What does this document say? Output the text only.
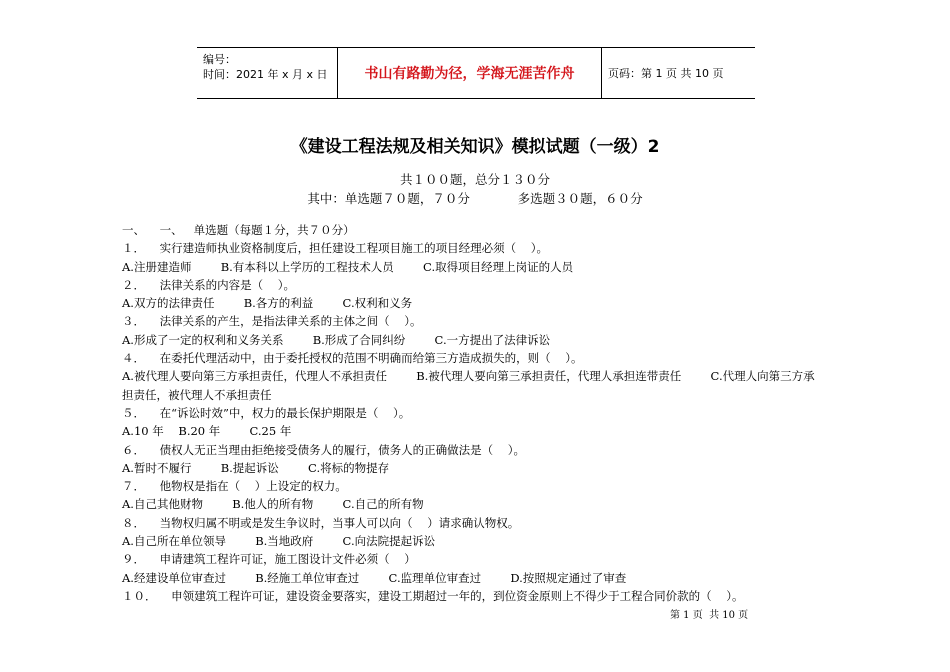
编号：
时间：2021 年 x 月 x 日	书山有路勤为径，学海无涯苦作舟	页码：第 1 页 共 10 页
《建设工程法规及相关知识》模拟试题（一级）2
共１００题，总分１３０分
其中：单选题７０题，７０分            多选题３０题，６０分
一、    一、   单选题（每题１分，共７０分）
１．    实行建造师执业资格制度后，担任建设工程项目施工的项目经理必须（    ）。
A.注册建造师        B.有本科以上学历的工程技术人员        C.取得项目经理上岗证的人员
２．    法律关系的内容是（    ）。
A.双方的法律责任        B.各方的利益        C.权利和义务
３．    法律关系的产生，是指法律关系的主体之间（    ）。
A.形成了一定的权利和义务关系        B.形成了合同纠纷        C.一方提出了法律诉讼
４．    在委托代理活动中，由于委托授权的范围不明确而给第三方造成损失的，则（    ）。
A.被代理人要向第三方承担责任，代理人不承担责任        B.被代理人要向第三承担责任，代理人承担连带责任        C.代理人向第三方承
担责任，被代理人不承担责任
５．    在“诉讼时效”中，权力的最长保护期限是（    ）。
A.10 年    B.20 年        C.25 年
６．    债权人无正当理由拒绝接受债务人的履行，债务人的正确做法是（    ）。
A.暂时不履行        B.提起诉讼        C.将标的物提存
７．    他物权是指在（    ）上设定的权力。
A.自己其他财物        B.他人的所有物        C.自己的所有物
８．    当物权归属不明或是发生争议时，当事人可以向（    ）请求确认物权。
A.自己所在单位领导        B.当地政府        C.向法院提起诉讼
９．    申请建筑工程许可证，施工图设计文件必须（    ）
A.经建设单位审查过        B.经施工单位审查过        C.监理单位审查过        D.按照规定通过了审查
１０．    申领建筑工程许可证，建设资金要落实，建设工期超过一年的，到位资金原则上不得少于工程合同价款的（    ）。
第 1 页  共 10 页
